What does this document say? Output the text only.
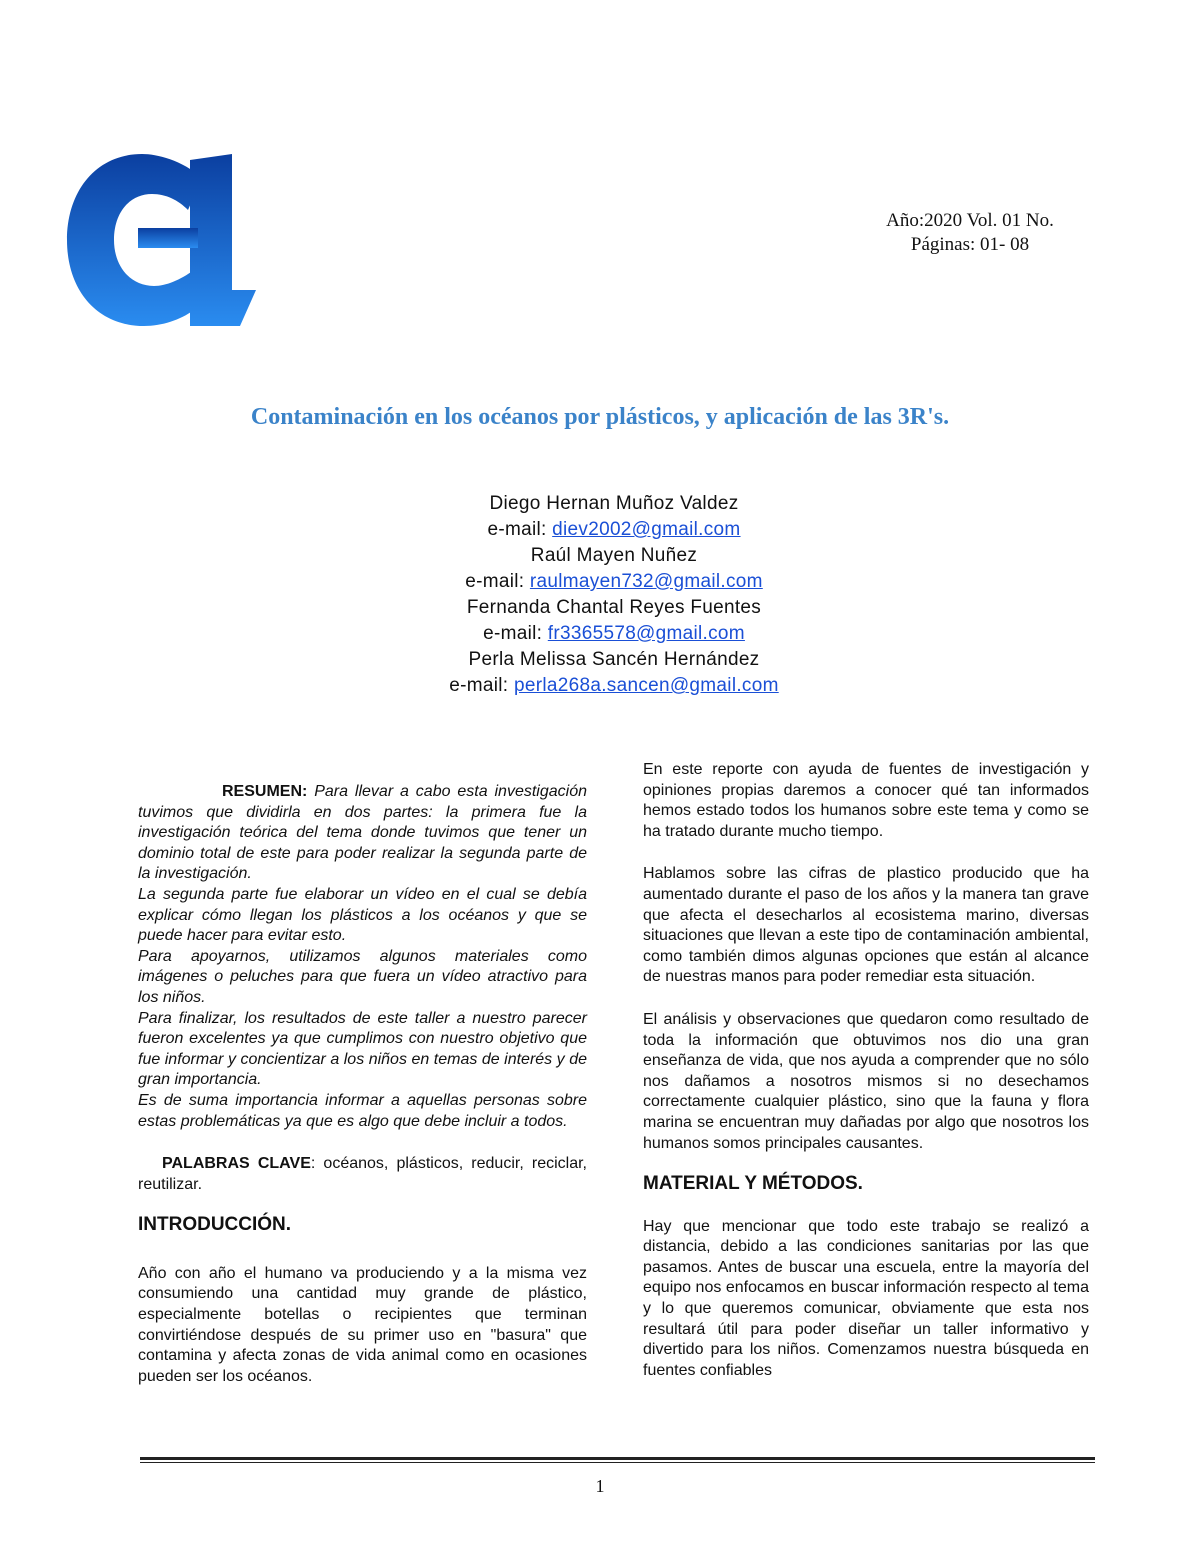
Año:2020 Vol. 01 No.
Páginas: 01- 08
Contaminación en los océanos por plásticos, y aplicación de las 3R's.
Diego Hernan Muñoz Valdez
e-mail: diev2002@gmail.com
Raúl Mayen Nuñez
e-mail: raulmayen732@gmail.com
Fernanda Chantal Reyes Fuentes
e-mail: fr3365578@gmail.com
Perla Melissa Sancén Hernández
e-mail: perla268a.sancen@gmail.com

RESUMEN: Para llevar a cabo esta investigación tuvimos que dividirla en dos partes: la primera fue la investigación teórica del tema donde tuvimos que tener un dominio total de este para poder realizar la segunda parte de la investigación.

La segunda parte fue elaborar un vídeo en el cual se debía explicar cómo llegan los plásticos a los océanos y que se puede hacer para evitar esto.

Para apoyarnos, utilizamos algunos materiales como imágenes o peluches para que fuera un vídeo atractivo para los niños.

Para finalizar, los resultados de este taller a nuestro parecer fueron excelentes ya que cumplimos con nuestro objetivo que fue informar y concientizar a los niños en temas de interés y de gran importancia.

Es de suma importancia informar a aquellas personas sobre estas problemáticas ya que es algo que debe incluir a todos.

PALABRAS CLAVE: océanos, plásticos, reducir, reciclar, reutilizar.

INTRODUCCIÓN.

Año con año el humano va produciendo y a la misma vez consumiendo una cantidad muy grande de plástico, especialmente botellas o recipientes que terminan convirtiéndose después de su primer uso en "basura" que contamina y afecta zonas de vida animal como en ocasiones pueden ser los océanos.

En este reporte con ayuda de fuentes de investigación y opiniones propias daremos a conocer qué tan informados hemos estado todos los humanos sobre este tema y como se ha tratado durante mucho tiempo.

Hablamos sobre las cifras de plastico producido que ha aumentado durante el paso de los años y la manera tan grave que afecta el desecharlos al ecosistema marino, diversas situaciones que llevan a este tipo de contaminación ambiental, como también dimos algunas opciones que están al alcance de nuestras manos para poder remediar esta situación.

El análisis y observaciones que quedaron como resultado de toda la información que obtuvimos nos dio una gran enseñanza de vida, que nos ayuda a comprender que no sólo nos dañamos a nosotros mismos si no desechamos correctamente cualquier plástico, sino que la fauna y flora marina se encuentran muy dañadas por algo que nosotros los humanos somos principales causantes.

MATERIAL Y MÉTODOS.

Hay que mencionar que todo este trabajo se realizó a distancia, debido a las condiciones sanitarias por las que pasamos. Antes de buscar una escuela, entre la mayoría del equipo nos enfocamos en buscar información respecto al tema y lo que queremos comunicar, obviamente que esta nos resultará útil para poder diseñar un taller informativo y divertido para los niños. Comenzamos nuestra búsqueda en fuentes confiables

1
